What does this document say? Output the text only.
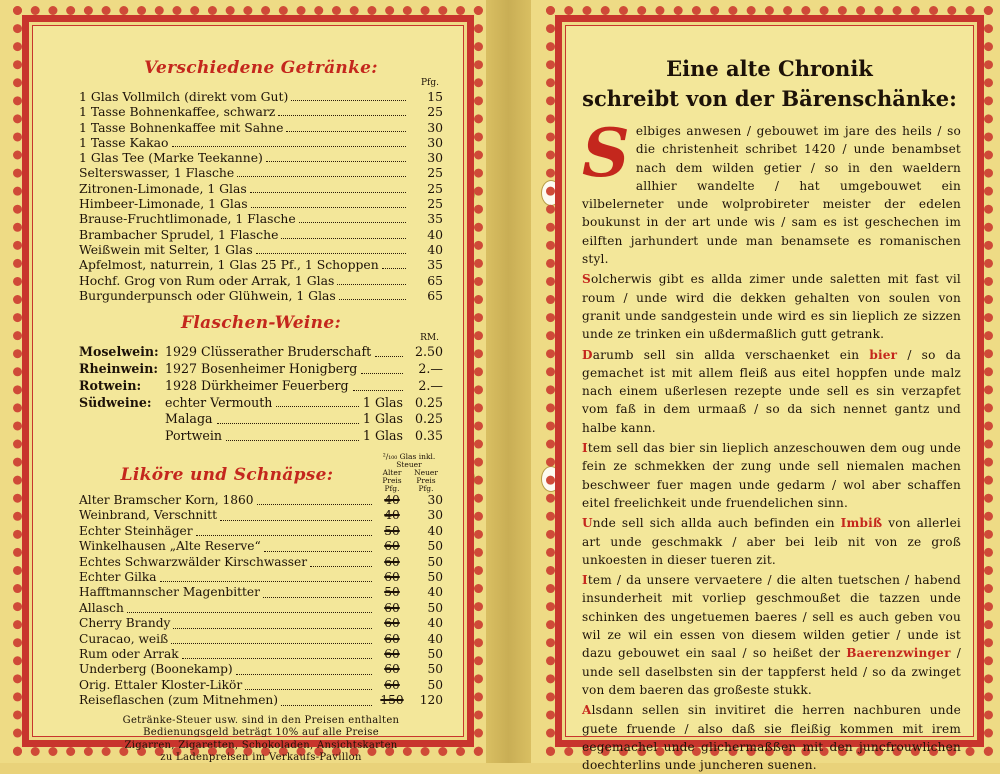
Verschiedene Getränke:
Pfg.
1 Glas Vollmilch (direkt vom Gut)	15
1 Tasse Bohnenkaffee, schwarz	25
1 Tasse Bohnenkaffee mit Sahne	30
1 Tasse Kakao	30
1 Glas Tee (Marke Teekanne)	30
Selterswasser, 1 Flasche	25
Zitronen-Limonade, 1 Glas	25
Himbeer-Limonade, 1 Glas	25
Brause-Fruchtlimonade, 1 Flasche	35
Brambacher Sprudel, 1 Flasche	40
Weißwein mit Selter, 1 Glas	40
Apfelmost, naturrein, 1 Glas 25 Pf., 1 Schoppen	35
Hochf. Grog von Rum oder Arrak, 1 Glas	65
Burgunderpunsch oder Glühwein, 1 Glas	65
Flaschen-Weine:
RM.
Moselwein: 1929 Clüsserather Bruderschaft	2.50
Rheinwein: 1927 Bosenheimer Honigberg	2.—
Rotwein:	1928 Dürkheimer Feuerberg	2.—
Südweine:	echter Vermouth	1 Glas 0.25
Malaga	1 Glas 0.25
Portwein	1 Glas 0.35
Liköre und Schnäpse:
²/₁₀₀ Glas inkl. Steuer
Alter Preis Pfg.
Neuer Preis Pfg.
Alter Bramscher Korn, 1860	40	30
Weinbrand, Verschnitt	40	30
Echter Steinhäger	50	40
Winkelhausen „Alte Reserve“	60	50
Echtes Schwarzwälder Kirschwasser	60	50
Echter Gilka	60	50
Hafftmannscher Magenbitter	50	40
Allasch	60	50
Cherry Brandy	60	40
Curacao, weiß	60	40
Rum oder Arrak	60	50
Underberg (Boonekamp)	60	50
Orig. Ettaler Kloster-Likör	60	50
Reiseflaschen (zum Mitnehmen)	150	120
Getränke-Steuer usw. sind in den Preisen enthalten
Bedienungsgeld beträgt 10% auf alle Preise
Zigarren, Zigaretten, Schokoladen, Ansichtskarten
zu Ladenpreisen im Verkaufs-Pavillon
Eine alte Chronik
schreibt von der Bärenschänke:

Selbiges anwesen / gebouwet im jare des heils / so die christenheit schribet 1420 / unde benambset nach dem wilden getier / so in den waeldern allhier wandelte / hat umgebouwet ein vilbelerneter unde wolprobireter meister der edelen boukunst in der art unde wis / sam es ist geschechen im eilften jarhundert unde man benamsete es romanischen styl.

Solcherwis gibt es allda zimer unde saletten mit fast vil roum / unde wird die dekken gehalten von soulen von granit unde sandgestein unde wird es sin lieplich ze sizzen unde ze trinken ein ußdermaßlich gutt getrank.

Darumb sell sin allda verschaenket ein bier / so da gemachet ist mit allem fleiß aus eitel hoppfen unde malz nach einem ußerlesen rezepte unde sell es sin verzapfet vom faß in dem urmaaß / so da sich nennet gantz und halbe kann.

Item sell das bier sin lieplich anzeschouwen dem oug unde fein ze schmekken der zung unde sell niemalen machen beschweer fuer magen unde gedarm / wol aber schaffen eitel freelichkeit unde fruendelichen sinn.

Unde sell sich allda auch befinden ein Imbiß von allerlei art unde geschmakk / aber bei leib nit von ze groß unkoesten in dieser tueren zit.

Item / da unsere vervaetere / die alten tuetschen / habend insunderheit mit vorliep geschmoußet die tazzen unde schinken des ungetuemen baeres / sell es auch geben vou wil ze wil ein essen von diesem wilden getier / unde ist dazu gebouwet ein saal / so heißet der Baerenzwinger / unde sell daselbsten sin der tappferst held / so da zwinget von dem baeren das großeste stukk.

Alsdann sellen sin invitiret die herren nachburen unde guete fruende / also daß sie fleißig kommen mit irem eegemachel unde glichermaßßen mit den juncfrouwlichen doechterlins unde juncheren suenen.
